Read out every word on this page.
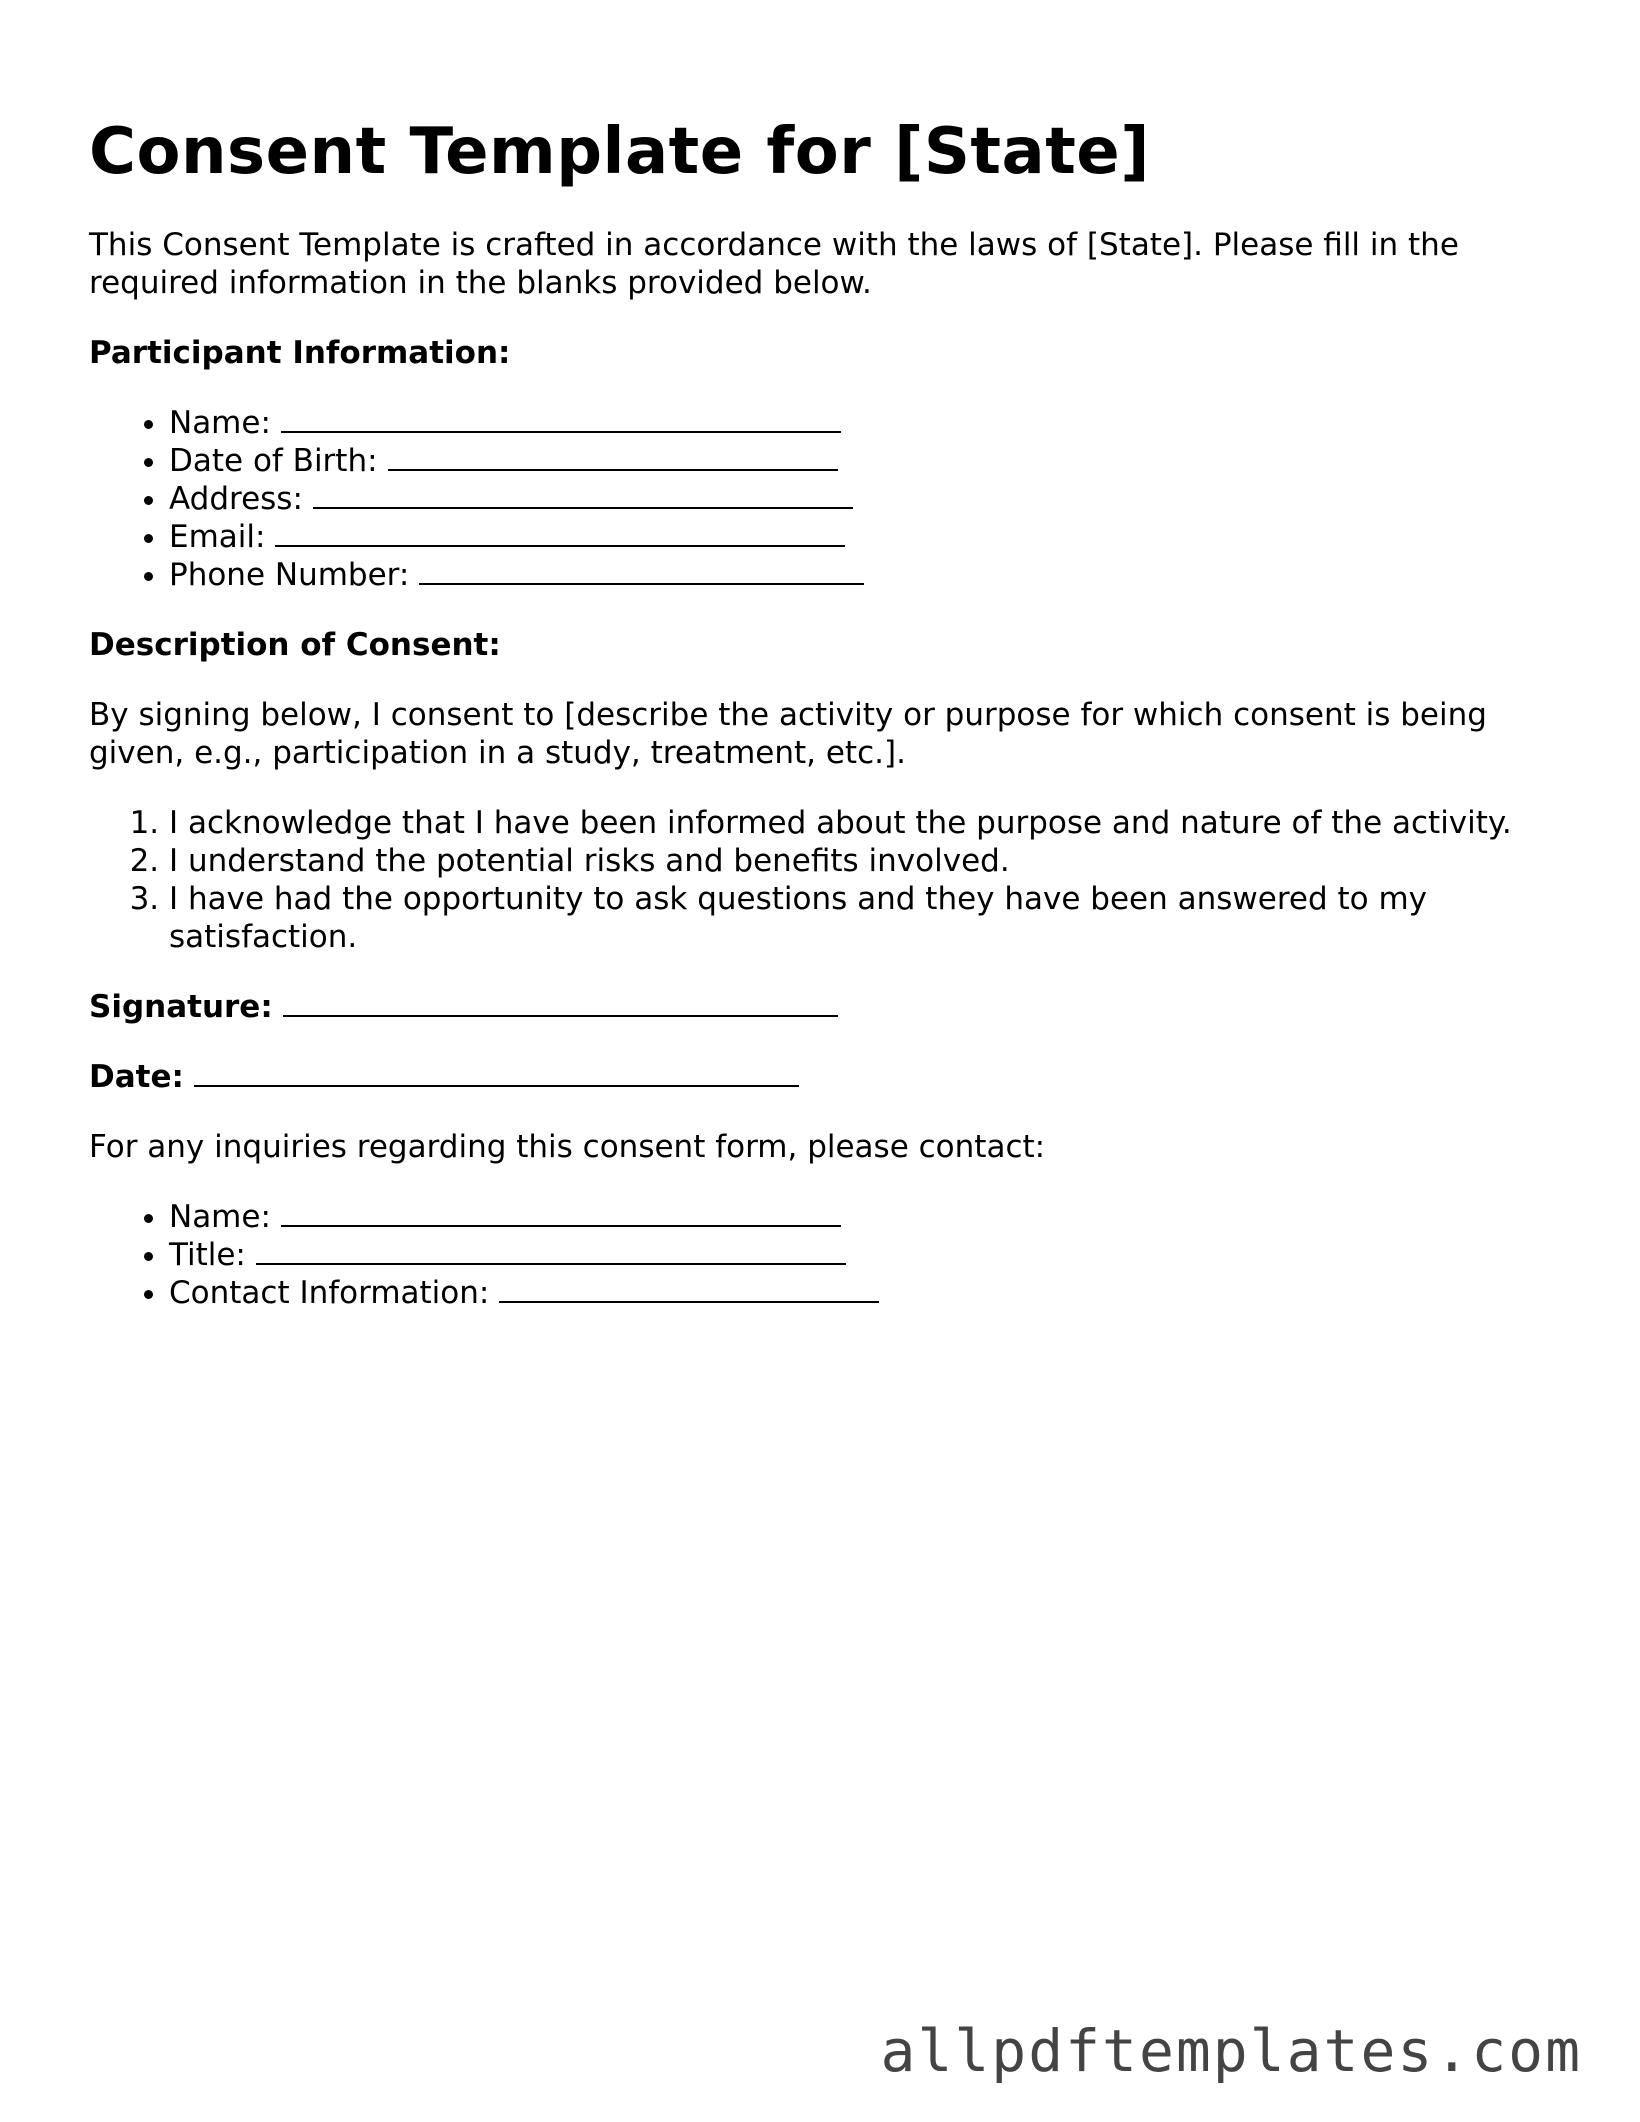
Consent Template for [State]

This Consent Template is crafted in accordance with the laws of [State]. Please fill in the required information in the blanks provided below.

Participant Information:
• Name:
• Date of Birth:
• Address:
• Email:
• Phone Number:
Description of Consent:

By signing below, I consent to [describe the activity or purpose for which consent is being given, e.g., participation in a study, treatment, etc.].

1. I acknowledge that I have been informed about the purpose and nature of the activity.
2. I understand the potential risks and benefits involved.
3. I have had the opportunity to ask questions and they have been answered to my satisfaction.
Signature:
Date:

For any inquiries regarding this consent form, please contact:

• Name:
• Title:
• Contact Information:
allpdftemplates.com
